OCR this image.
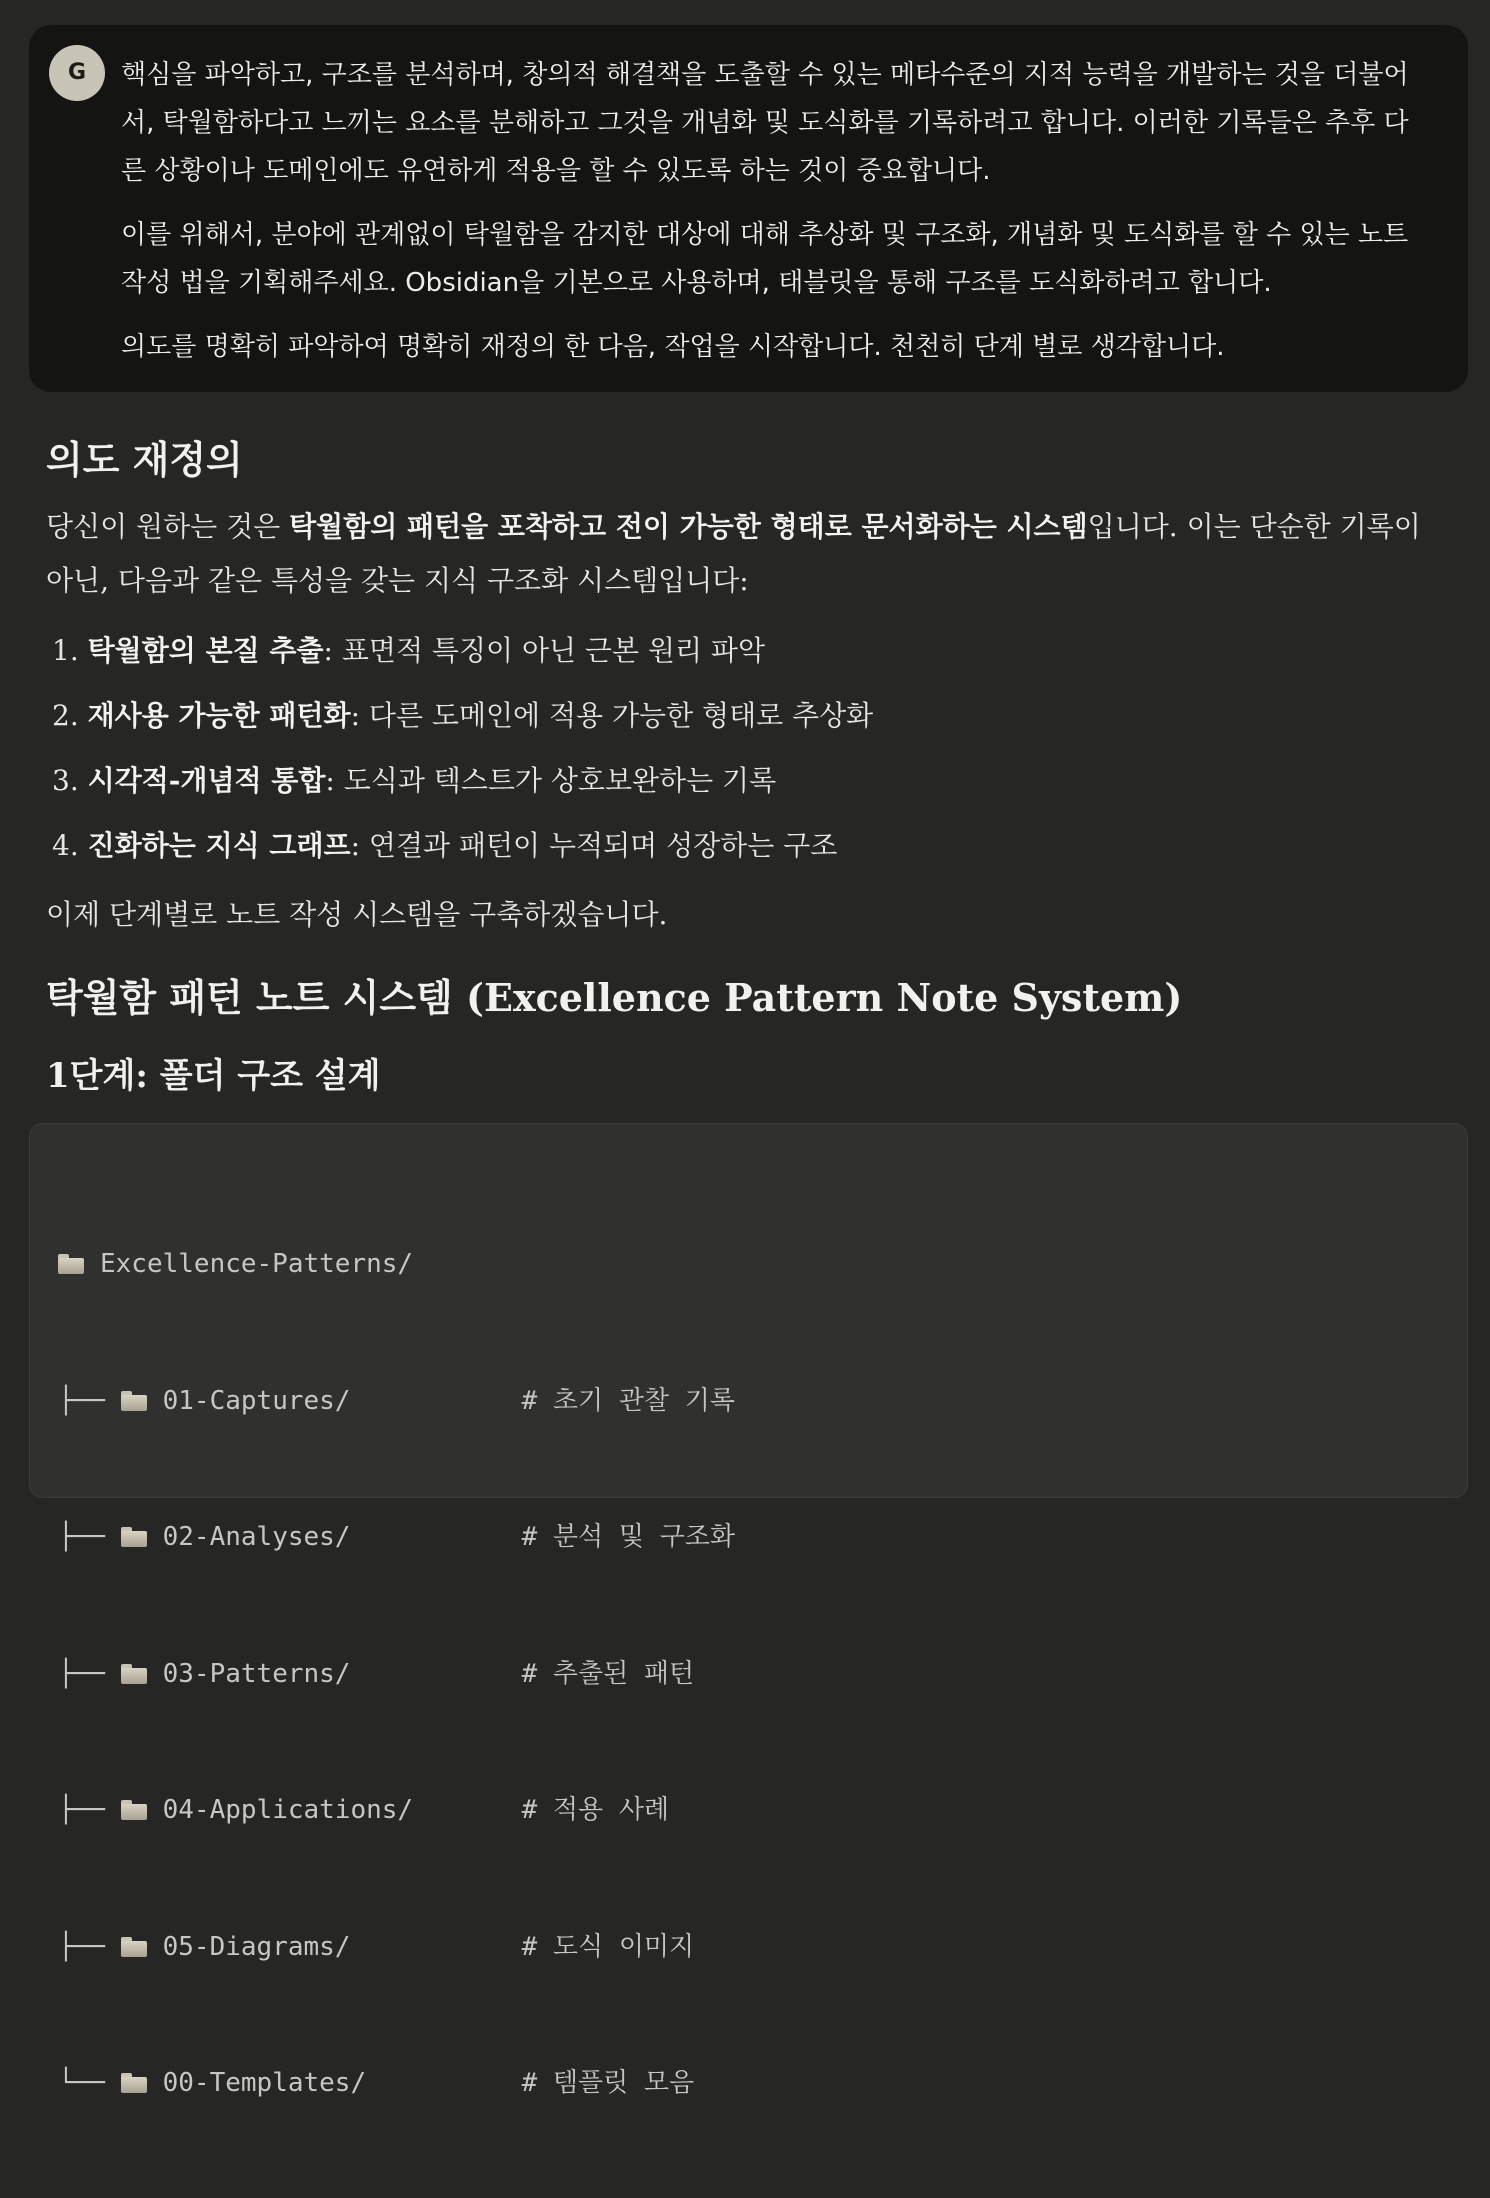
G	핵심을 파악하고, 구조를 분석하며, 창의적 해결책을 도출할 수 있는 메타수준의 지적 능력을 개발하는 것을 더불어서, 탁월함하다고 느끼는 요소를 분해하고 그것을 개념화 및 도식화를 기록하려고 합니다. 이러한 기록들은 추후 다른 상황이나 도메인에도 유연하게 적용을 할 수 있도록 하는 것이 중요합니다.

이를 위해서, 분야에 관계없이 탁월함을 감지한 대상에 대해 추상화 및 구조화, 개념화 및 도식화를 할 수 있는 노트 작성 법을 기획해주세요. Obsidian을 기본으로 사용하며, 태블릿을 통해 구조를 도식화하려고 합니다.

의도를 명확히 파악하여 명확히 재정의 한 다음, 작업을 시작합니다. 천천히 단계 별로 생각합니다.

의도 재정의
당신이 원하는 것은 탁월함의 패턴을 포착하고 전이 가능한 형태로 문서화하는 시스템입니다. 이는 단순한 기록이 아닌, 다음과 같은 특성을 갖는 지식 구조화 시스템입니다:
1. 탁월함의 본질 추출: 표면적 특징이 아닌 근본 원리 파악
2. 재사용 가능한 패턴화: 다른 도메인에 적용 가능한 형태로 추상화
3. 시각적-개념적 통합: 도식과 텍스트가 상호보완하는 기록
4. 진화하는 지식 그래프: 연결과 패턴이 누적되며 성장하는 구조
이제 단계별로 노트 작성 시스템을 구축하겠습니다.
탁월함 패턴 노트 시스템 (Excellence Pattern Note System)
1단계: 폴더 구조 설계

Excellence-Patterns/

├── 01-Captures/	# 초기 관찰 기록

├── 02-Analyses/	# 분석 및 구조화

├── 03-Patterns/	# 추출된 패턴

├── 04-Applications/	# 적용 사례

├── 05-Diagrams/	# 도식 이미지

└── 00-Templates/	# 템플릿 모음
